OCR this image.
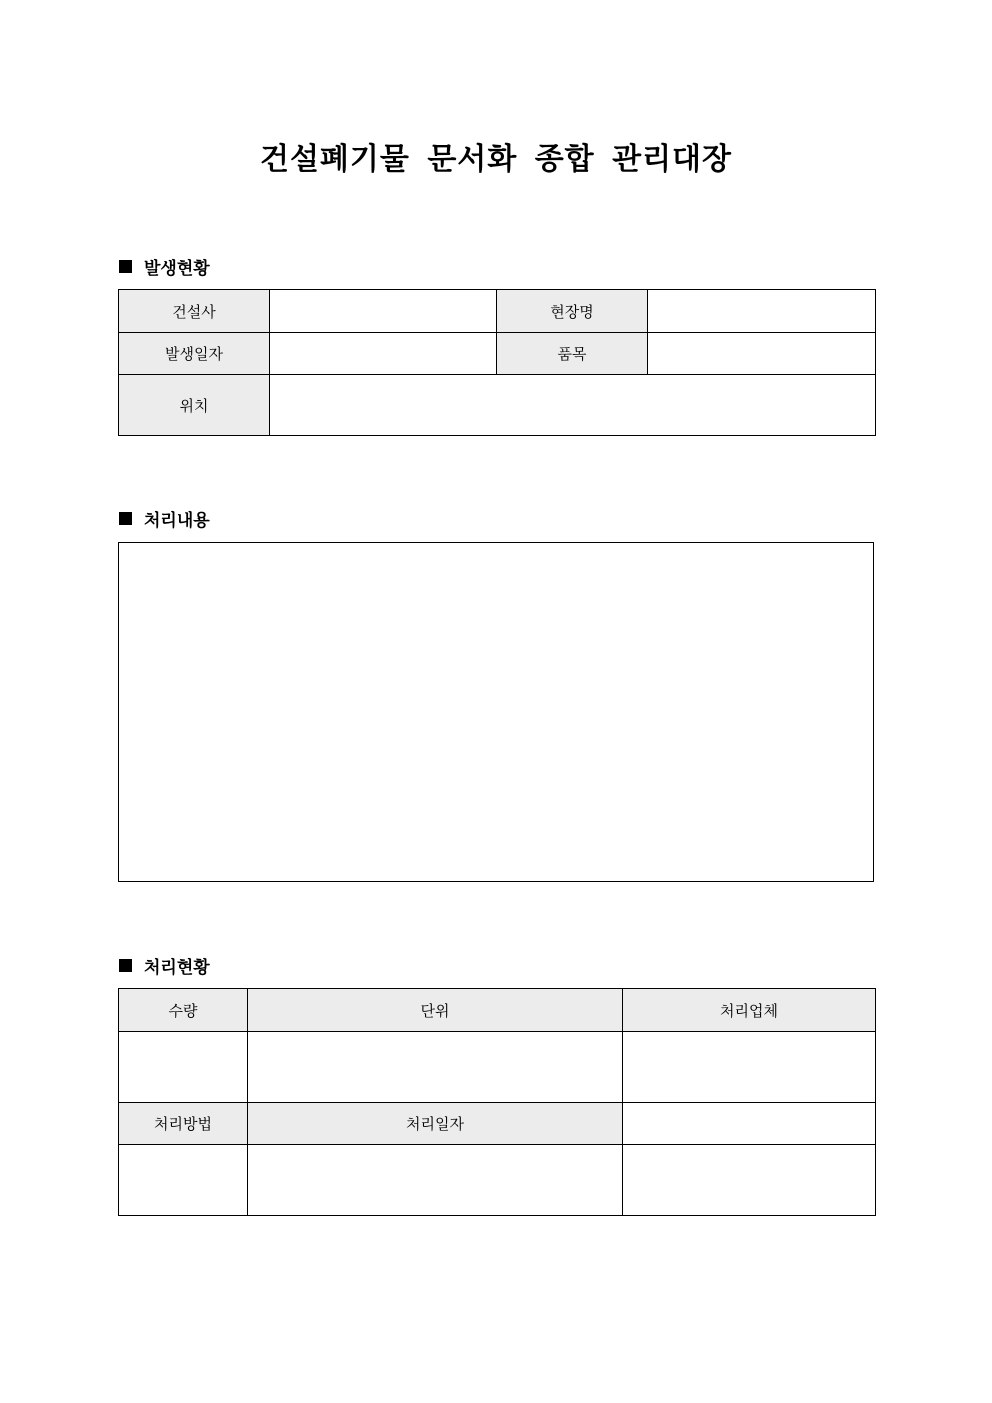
건설폐기물 문서화 종합 관리대장
발생현황
건설사		현장명	
발생일자		품목	
위치			
처리내용
처리현황
수량	단위	처리업체

처리방법	처리일자	
